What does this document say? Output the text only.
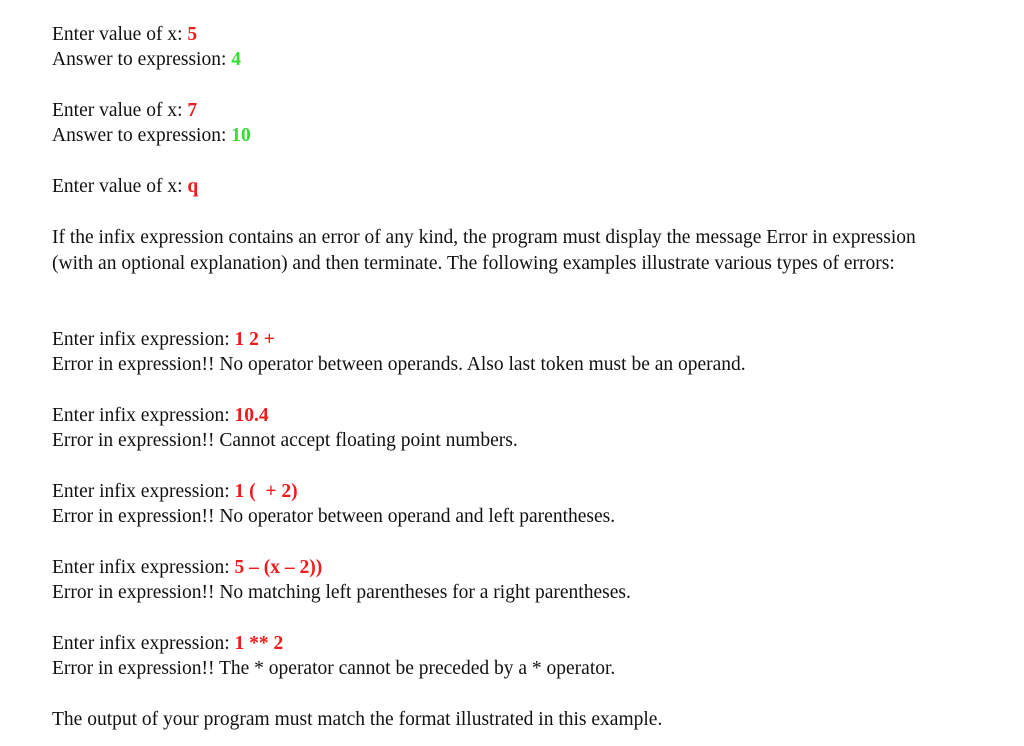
Enter value of x: 5
Answer to expression: 4
Enter value of x: 7
Answer to expression: 10
Enter value of x: q
If the infix expression contains an error of any kind, the program must display the message Error in expression (with an optional explanation) and then terminate. The following examples illustrate various types of errors:
Enter infix expression: 1 2 +
Error in expression!! No operator between operands. Also last token must be an operand.
Enter infix expression: 10.4
Error in expression!! Cannot accept floating point numbers.
Enter infix expression: 1 (  + 2)
Error in expression!! No operator between operand and left parentheses.
Enter infix expression: 5 – (x – 2))
Error in expression!! No matching left parentheses for a right parentheses.
Enter infix expression: 1 ** 2
Error in expression!! The * operator cannot be preceded by a * operator.
The output of your program must match the format illustrated in this example.
